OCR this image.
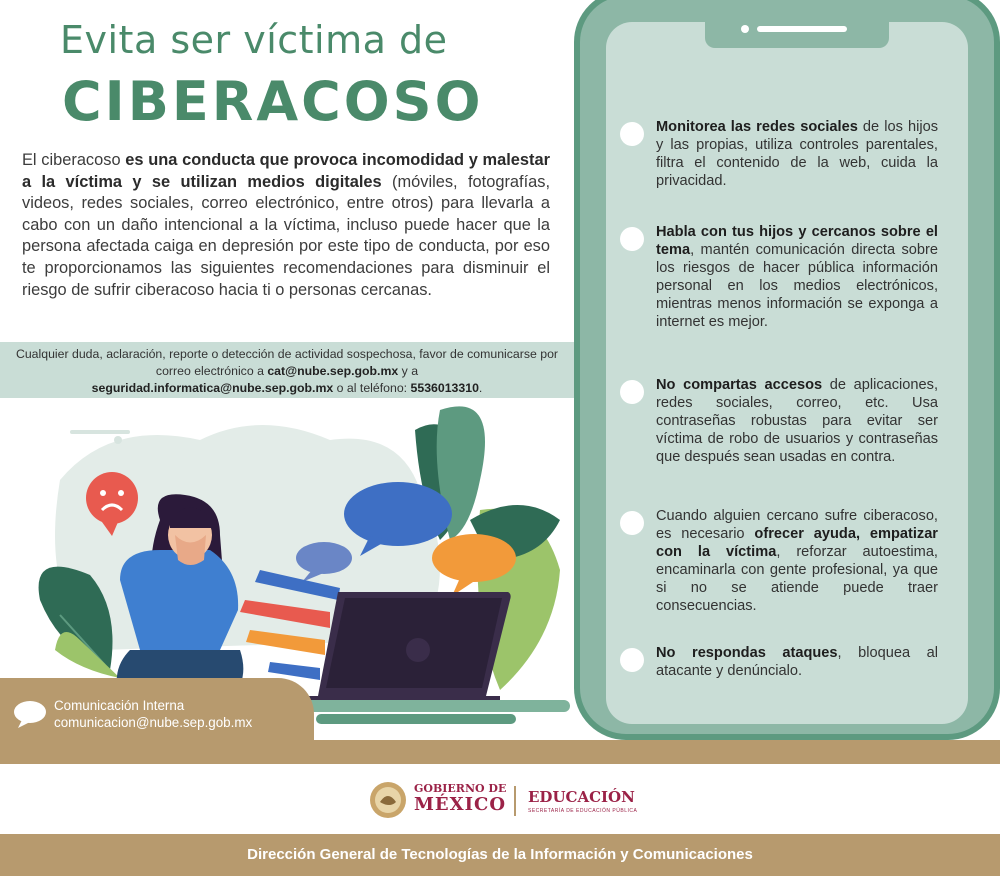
Evita ser víctima de
CIBERACOSO
El ciberacoso es una conducta que provoca incomodidad y malestar a la víctima y se utilizan medios digitales (móviles, fotografías, videos, redes sociales, correo electrónico, entre otros) para llevarla a cabo con un daño intencional a la víctima, incluso puede hacer que la persona afectada caiga en depresión por este tipo de conducta, por eso te proporcionamos las siguientes recomendaciones para disminuir el riesgo de sufrir ciberacoso hacia ti o personas cercanas.
Cualquier duda, aclaración, reporte o detección de actividad sospechosa, favor de comunicarse por correo electrónico a cat@nube.sep.gob.mx y a
seguridad.informatica@nube.sep.gob.mx o al teléfono: 5536013310.
Monitorea las redes sociales de los hijos y las propias, utiliza controles parentales, filtra el contenido de la web, cuida la privacidad.
Habla con tus hijos y cercanos sobre el tema, mantén comunicación directa sobre los riesgos de hacer pública información personal en los medios electrónicos, mientras menos información se exponga a internet es mejor.
No compartas accesos de aplicaciones, redes sociales, correo, etc. Usa contraseñas robustas para evitar ser víctima de robo de usuarios y contraseñas que después sean usadas en contra.
Cuando alguien cercano sufre ciberacoso, es necesario ofrecer ayuda, empatizar con la víctima, reforzar autoestima, encaminarla con gente profesional, ya que si no se atiende puede traer consecuencias.
No respondas ataques, bloquea al atacante y denúncialo.
Comunicación Interna
comunicacion@nube.sep.gob.mx
GOBIERNO DE
MÉXICO EDUCACIÓN
SECRETARÍA DE EDUCACIÓN PÚBLICA
Dirección General de Tecnologías de la Información y Comunicaciones
